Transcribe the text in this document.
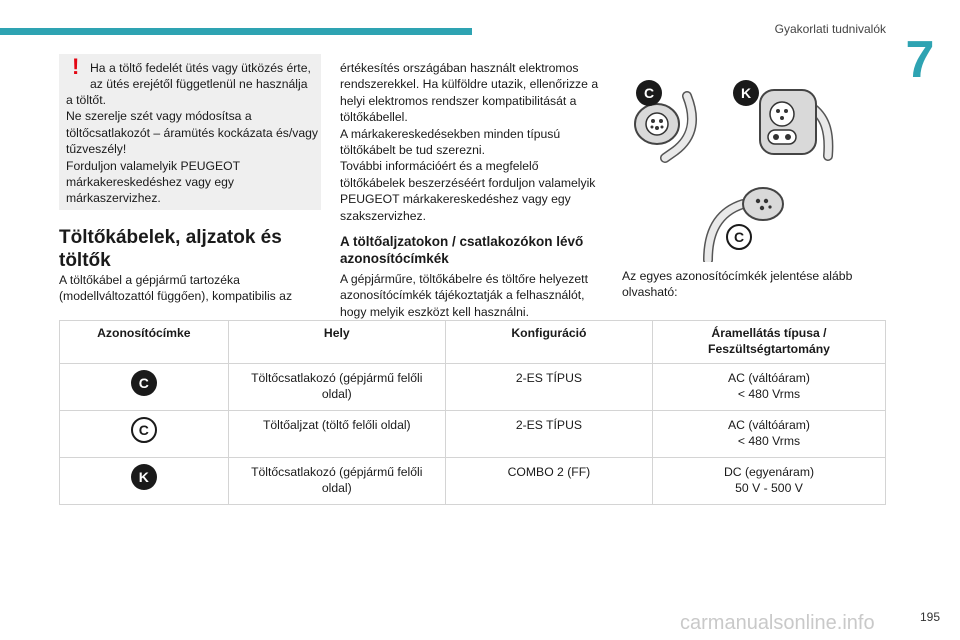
Gyakorlati tudnivalók
7
! Ha a töltő fedelét ütés vagy ütközés érte, az ütés erejétől függetlenül ne használja
a töltőt.
Ne szerelje szét vagy módosítsa a töltőcsatlakozót – áramütés kockázata és/vagy tűzveszély!
Forduljon valamelyik PEUGEOT márkakereskedéshez vagy egy márkaszervizhez.
Töltőkábelek, aljzatok és töltők
A töltőkábel a gépjármű tartozéka (modellváltozattól függően), kompatibilis az
értékesítés országában használt elektromos rendszerekkel. Ha külföldre utazik, ellenőrizze a helyi elektromos rendszer kompatibilitását a töltőkábellel.
A márkakereskedésekben minden típusú töltőkábelt be tud szerezni.
További információért és a megfelelő töltőkábelek beszerzéséért forduljon valamelyik PEUGEOT márkakereskedéshez vagy egy szakszervizhez.
A töltőaljzatokon / csatlakozókon lévő azonosítócímkék
A gépjárműre, töltőkábelre és töltőre helyezett azonosítócímkék tájékoztatják a felhasználót, hogy melyik eszközt kell használni.
C	K
C
Az egyes azonosítócímkék jelentése alább olvasható:
Azonosítócímke	Hely	Konfiguráció	Áramellátás típusa / Feszültségtartomány
C	Töltőcsatlakozó (gépjármű felőli oldal)	2-ES TÍPUS	AC (váltóáram)
< 480 Vrms
C	Töltőaljzat (töltő felőli oldal)	2-ES TÍPUS	AC (váltóáram)
< 480 Vrms
K	Töltőcsatlakozó (gépjármű felőli oldal)	COMBO 2 (FF)	DC (egyenáram)
50 V - 500 V
carmanualsonline.info	195
